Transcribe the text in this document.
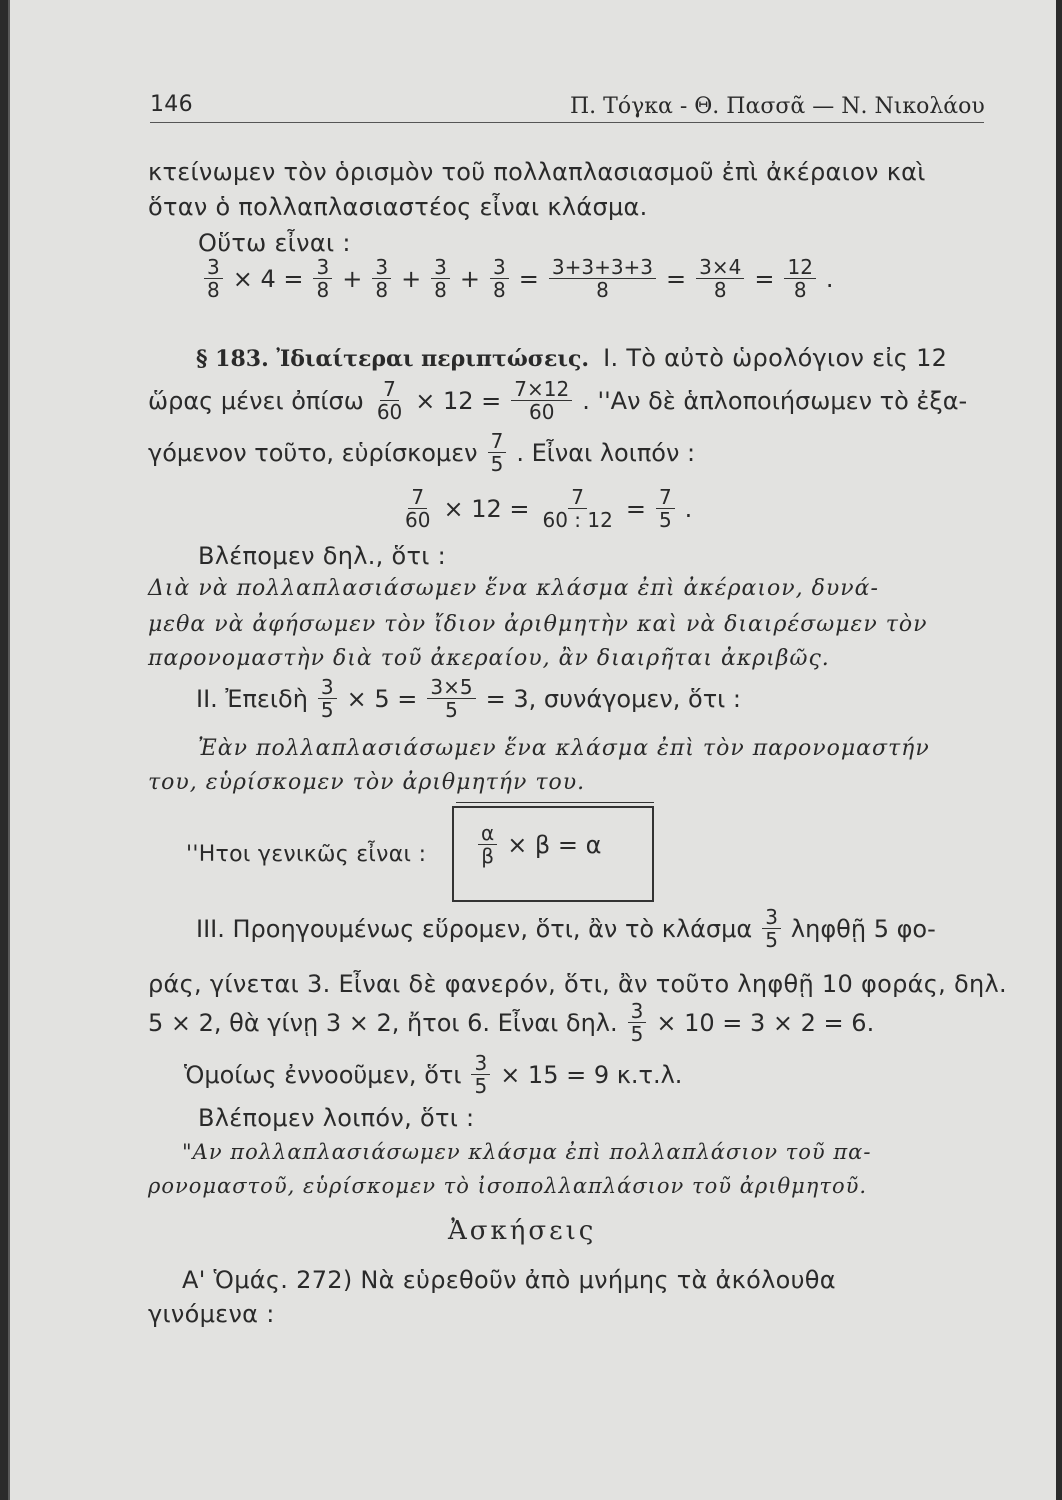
146	Π. Τόγκα - Θ. Πασσᾶ — Ν. Νικολάου
κτείνωμεν τὸν ὁρισμὸν τοῦ πολλαπλασιασμοῦ ἐπὶ ἀκέραιον καὶ
ὅταν ὁ πολλαπλασιαστέος εἶναι κλάσμα.
Οὕτω εἶναι :
$\frac{3}{8} \times 4 = \frac{3}{8} + \frac{3}{8} + \frac{3}{8} + \frac{3}{8} = \frac{3+3+3+3}{8} = \frac{3\times 4}{8} = \frac{12}{8}$ .
§ 183. Ἰδιαίτεραι περιπτώσεις. I. Τὸ αὐτὸ ὡρολόγιον εἰς 12
ὥρας μένει ὀπίσω $\frac{7}{60} \times 12 = \frac{7\times 12}{60}$ . ''Αν δὲ ἁπλοποιήσωμεν τὸ ἐξα-
γόμενον τοῦτο, εὑρίσκομεν $\frac{7}{5}$ . Εἶναι λοιπόν :
$\frac{7}{60} \times 12 = \frac{7}{60 : 12} = \frac{7}{5}$ .
Βλέπομεν δηλ., ὅτι :
Διὰ νὰ πολλαπλασιάσωμεν ἕνα κλάσμα ἐπὶ ἀκέραιον, δυνά-
μεθα νὰ ἀφήσωμεν τὸν ἴδιον ἀριθμητὴν καὶ νὰ διαιρέσωμεν τὸν
παρονομαστὴν διὰ τοῦ ἀκεραίου, ἂν διαιρῆται ἀκριβῶς.
II. Ἐπειδὴ $\frac{3}{5} \times 5 = \frac{3\times 5}{5} = 3$, συνάγομεν, ὅτι :
Ἐὰν πολλαπλασιάσωμεν ἕνα κλάσμα ἐπὶ τὸν παρονομαστήν
του, εὑρίσκομεν τὸν ἀριθμητήν του.
''Ητοι γενικῶς εἶναι :	$\frac{\alpha}{\beta} \times \beta = \alpha$
III. Προηγουμένως εὕρομεν, ὅτι, ἂν τὸ κλάσμα $\frac{3}{5}$ ληφθῇ 5 φο-
ράς, γίνεται 3. Εἶναι δὲ φανερόν, ὅτι, ἂν τοῦτο ληφθῇ 10 φοράς, δηλ.
5 × 2, θὰ γίνῃ 3 × 2, ἤτοι 6. Εἶναι δηλ. $\frac{3}{5} \times 10 = 3 \times 2 = 6$.
Ὁμοίως ἐννοοῦμεν, ὅτι $\frac{3}{5} \times 15 = 9$ κ.τ.λ.
Βλέπομεν λοιπόν, ὅτι :
"Αν πολλαπλασιάσωμεν κλάσμα ἐπὶ πολλαπλάσιον τοῦ πα-
ρονομαστοῦ, εὑρίσκομεν τὸ ἰσοπολλαπλάσιον τοῦ ἀριθμητοῦ.
Ἀσκήσεις
Α' Ὁμάς. 272) Νὰ εὑρεθοῦν ἀπὸ μνήμης τὰ ἀκόλουθα
γινόμενα :
